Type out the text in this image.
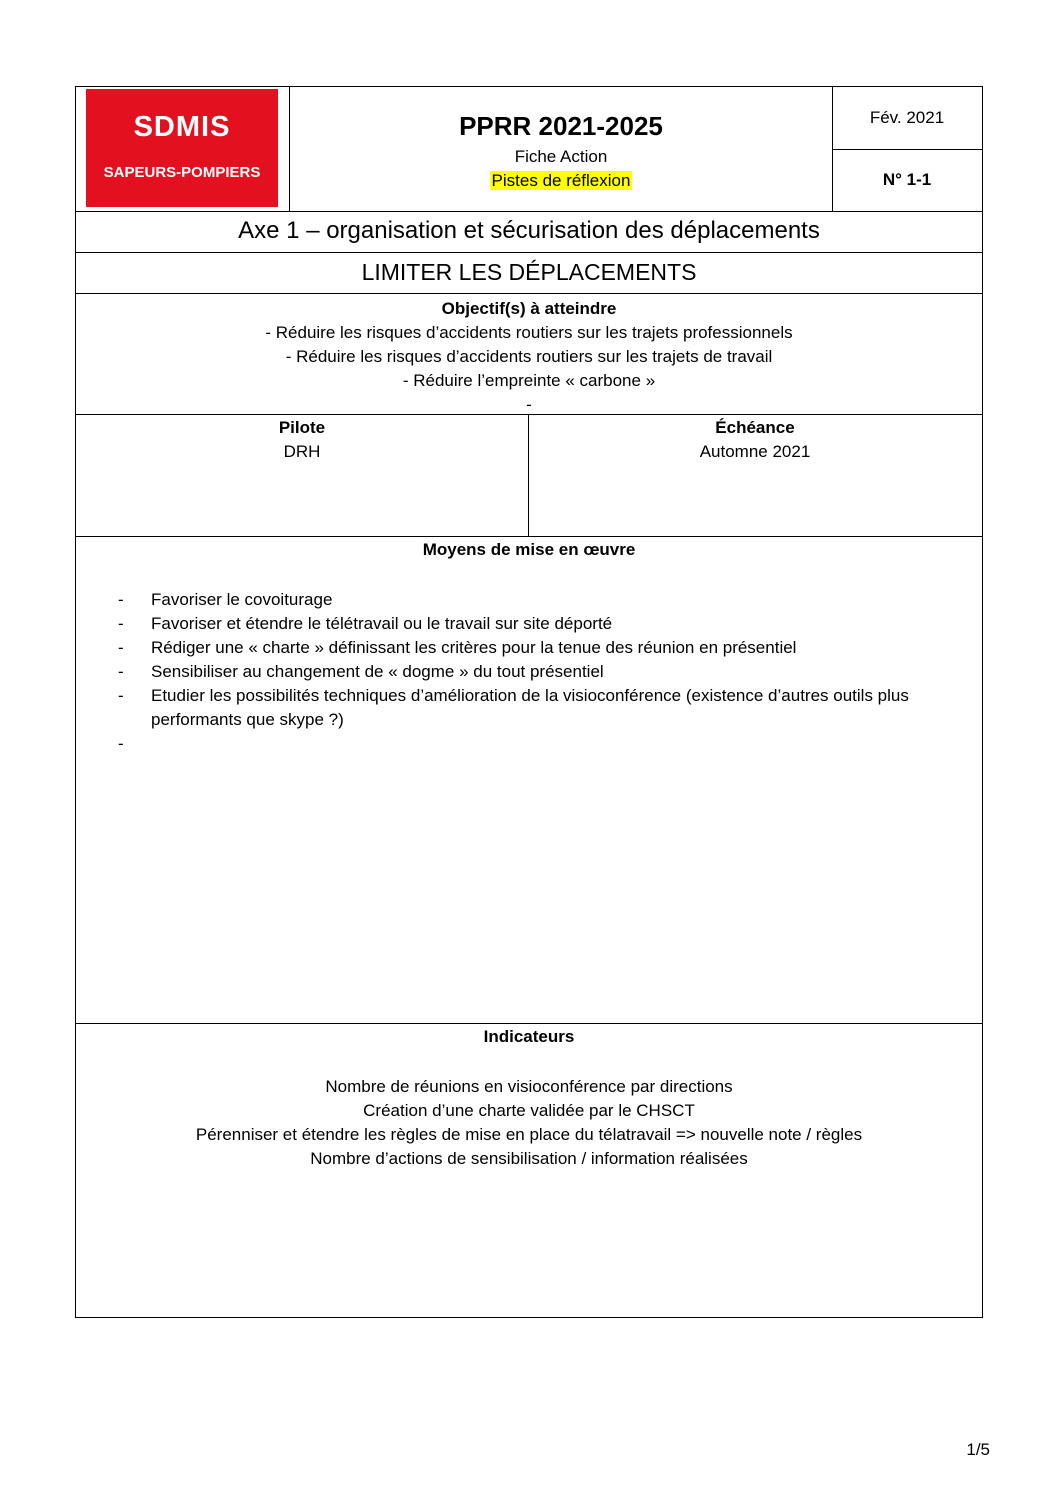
SDMIS
SAPEURS-POMPIERS
PPRR 2021-2025
Fiche Action
Pistes de réflexion
Fév. 2021
N° 1-1
Axe 1 – organisation et sécurisation des déplacements
LIMITER LES DÉPLACEMENTS
Objectif(s) à atteindre
- Réduire les risques d’accidents routiers sur les trajets professionnels
- Réduire les risques d’accidents routiers sur les trajets de travail
- Réduire l’empreinte « carbone »
-
Pilote
DRH
Échéance
Automne 2021
Moyens de mise en œuvre
- Favoriser le covoiturage
- Favoriser et étendre le télétravail ou le travail sur site déporté
- Rédiger une « charte » définissant les critères pour la tenue des réunion en présentiel
- Sensibiliser au changement de « dogme » du tout présentiel
- Etudier les possibilités techniques d’amélioration de la visioconférence (existence d’autres outils plus performants que skype ?)
-
Indicateurs
Nombre de réunions en visioconférence par directions
Création d’une charte validée par le CHSCT
Pérenniser et étendre les règles de mise en place du télatravail => nouvelle note / règles
Nombre d’actions de sensibilisation / information réalisées
1/5
